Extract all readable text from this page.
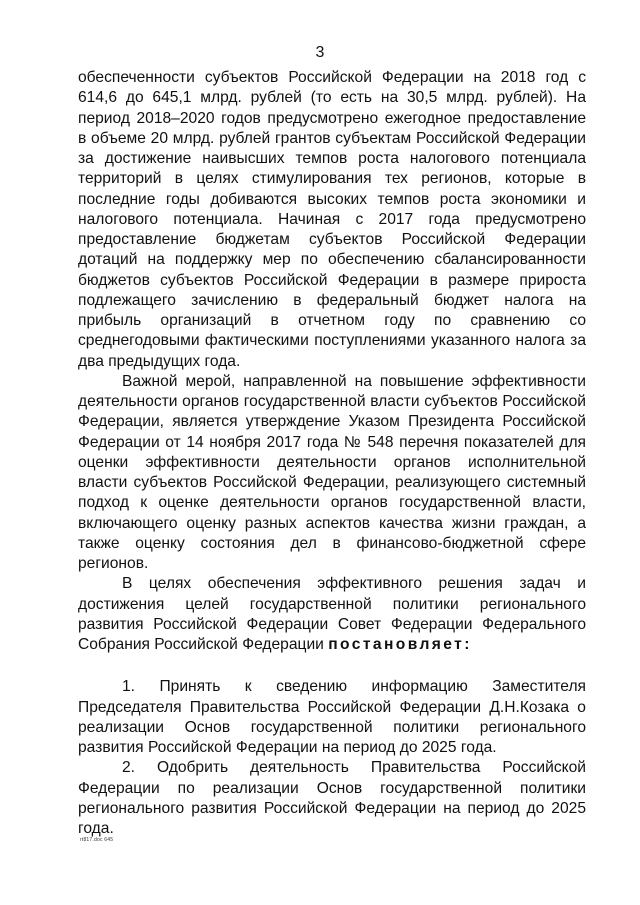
3

обеспеченности субъектов Российской Федерации на 2018 год с 614,6 до 645,1 млрд. рублей (то есть на 30,5 млрд. рублей). На период 2018–2020 годов предусмотрено ежегодное предоставление в объеме 20 млрд. рублей грантов субъектам Российской Федерации за достижение наивысших темпов роста налогового потенциала территорий в целях стимулирования тех регионов, которые в последние годы добиваются высоких темпов роста экономики и налогового потенциала. Начиная с 2017 года предусмотрено предоставление бюджетам субъектов Российской Федерации дотаций на поддержку мер по обеспечению сбалансированности бюджетов субъектов Российской Федерации в размере прироста подлежащего зачислению в федеральный бюджет налога на прибыль организаций в отчетном году по сравнению со среднегодовыми фактическими поступлениями указанного налога за два предыдущих года.

Важной мерой, направленной на повышение эффективности деятельности органов государственной власти субъектов Российской Федерации, является утверждение Указом Президента Российской Федерации от 14 ноября 2017 года № 548 перечня показателей для оценки эффективности деятельности органов исполнительной власти субъектов Российской Федерации, реализующего системный подход к оценке деятельности органов государственной власти, включающего оценку разных аспектов качества жизни граждан, а также оценку состояния дел в финансово-бюджетной сфере регионов.

В целях обеспечения эффективного решения задач и достижения целей государственной политики регионального развития Российской Федерации Совет Федерации Федерального Собрания Российской Федерации постановляет:

1. Принять к сведению информацию Заместителя Председателя Правительства Российской Федерации Д.Н.Козака о реализации Основ государственной политики регионального развития Российской Федерации на период до 2025 года.

2. Одобрить деятельность Правительства Российской Федерации по реализации Основ государственной политики регионального развития Российской Федерации на период до 2025 года.

rt817.doc 645
